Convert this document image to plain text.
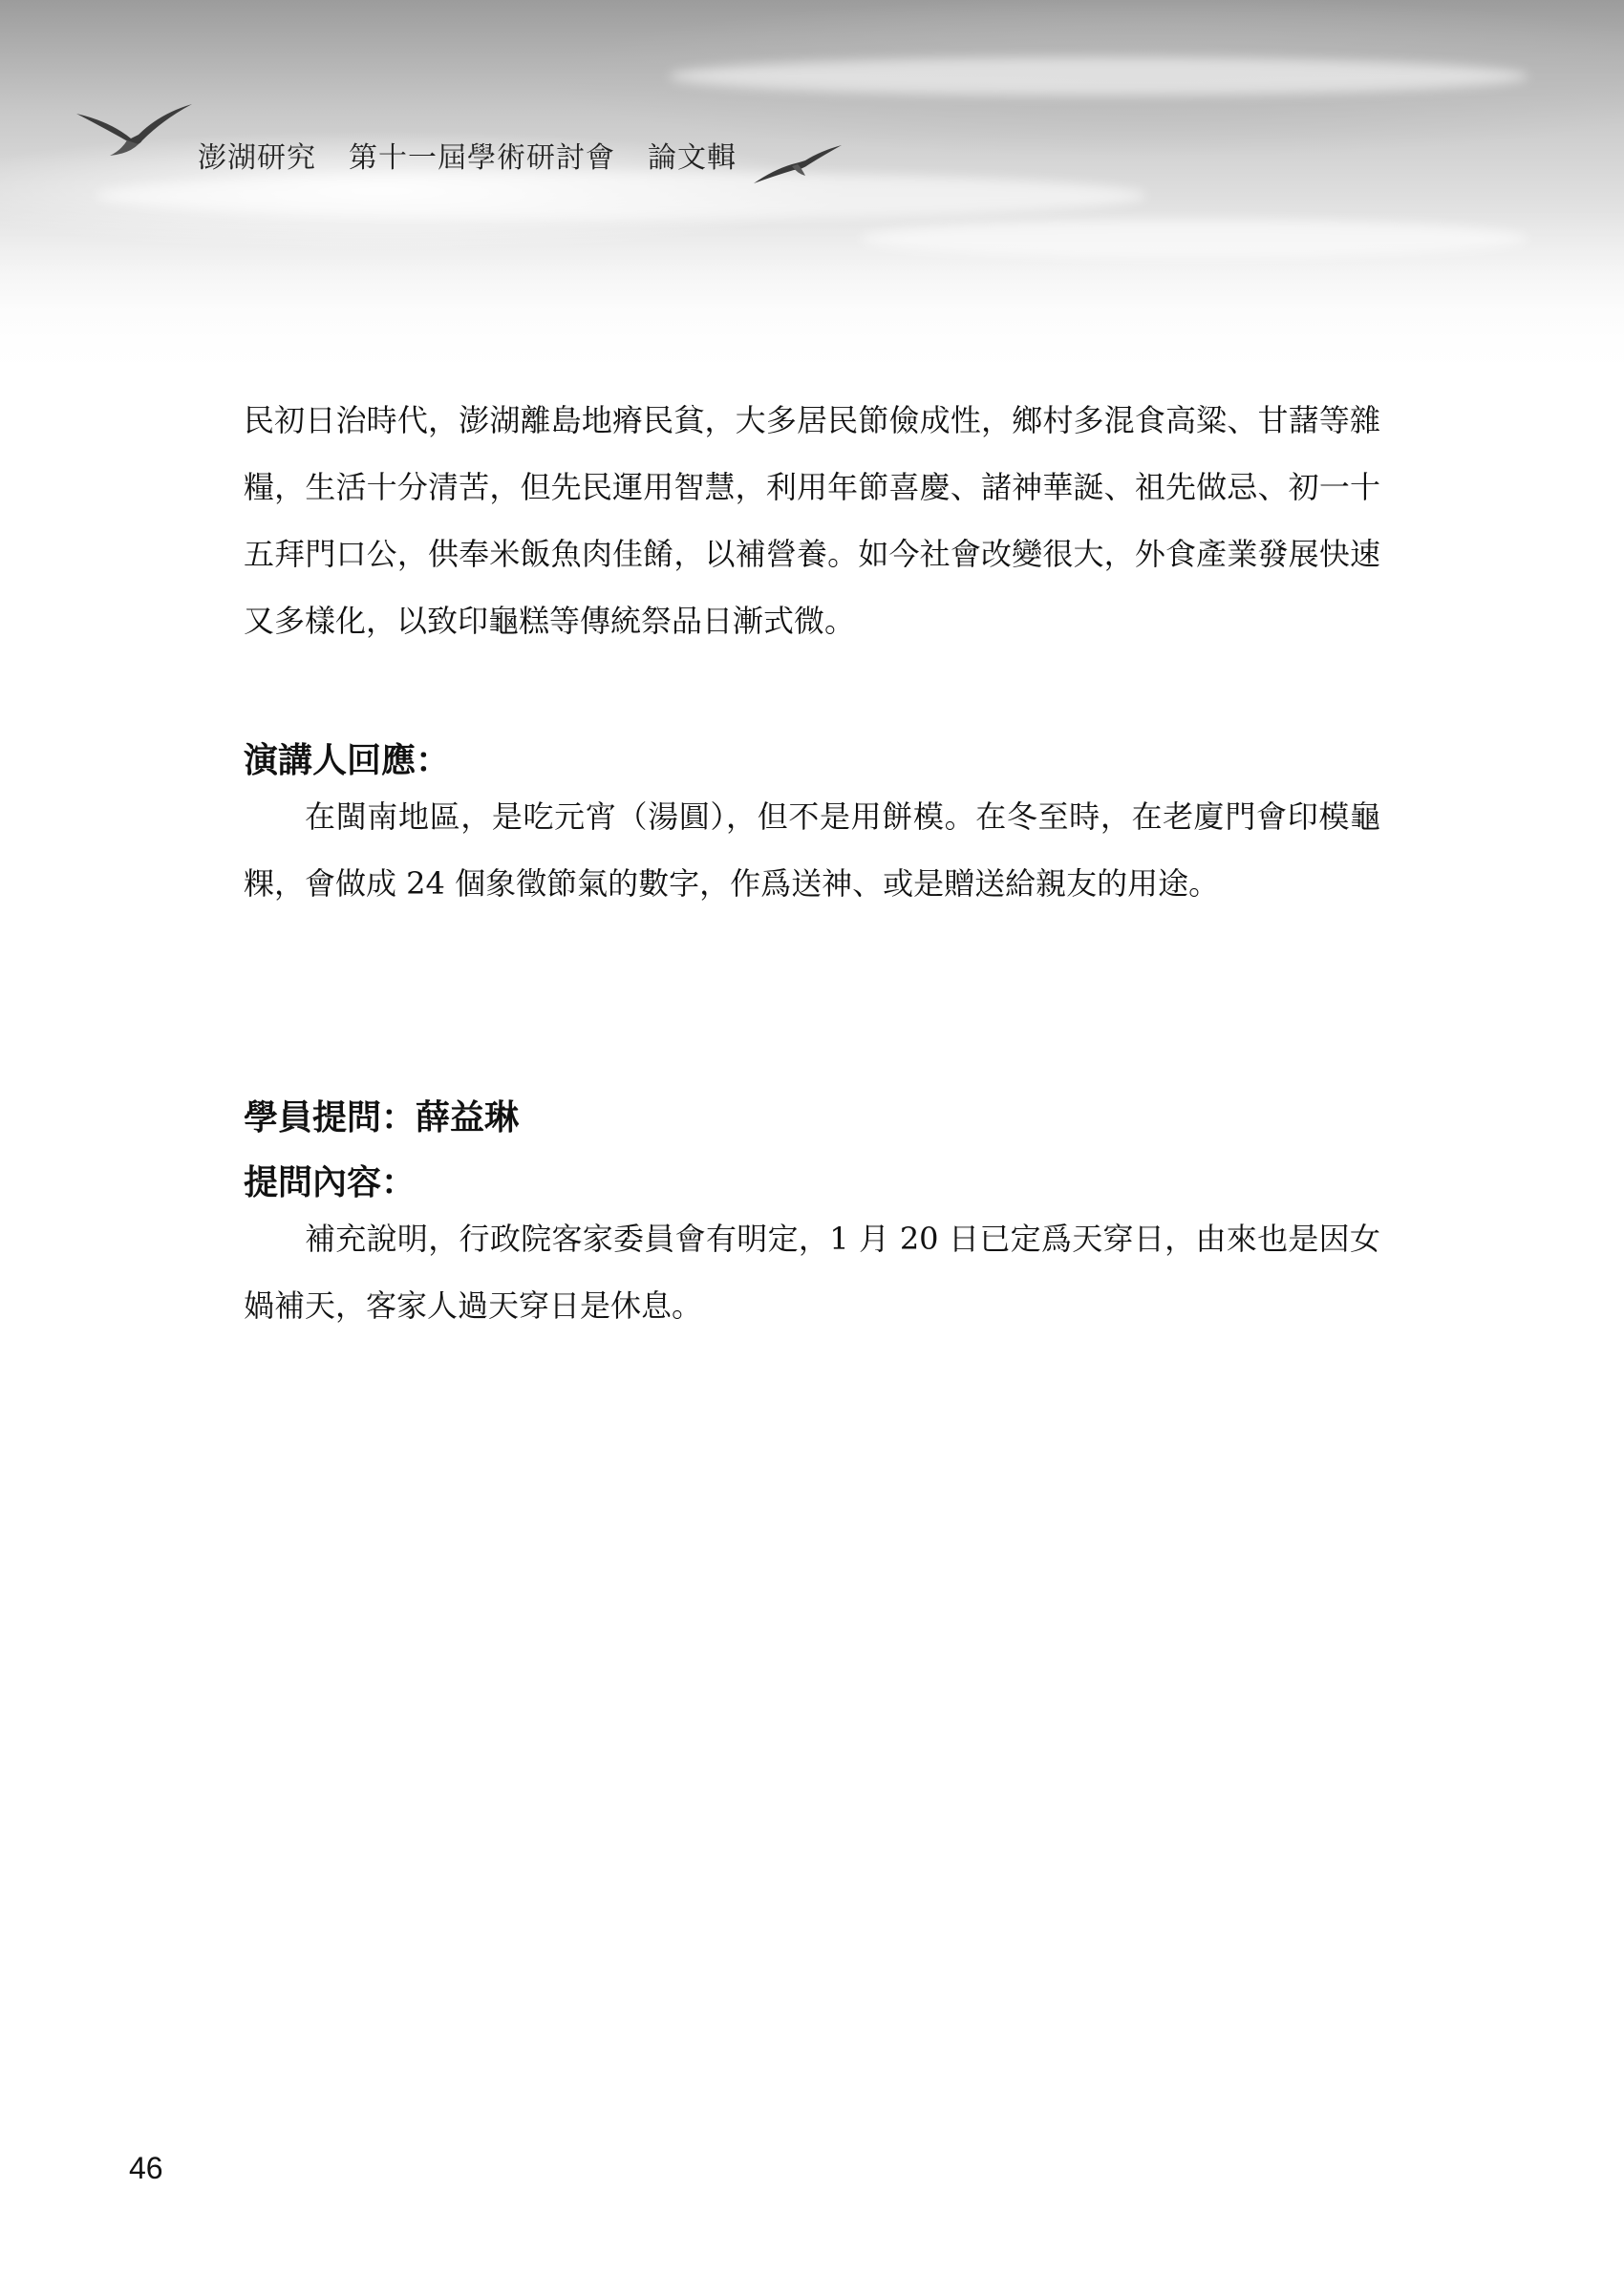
澎湖研究 第十一屆學術研討會 論文輯
民初日治時代，澎湖離島地瘠民貧，大多居民節儉成性，鄉村多混食高粱、甘藷等雜糧，生活十分清苦，但先民運用智慧，利用年節喜慶、諸神華誕、祖先做忌、初一十五拜門口公，供奉米飯魚肉佳餚，以補營養。如今社會改變很大，外食產業發展快速又多樣化，以致印龜糕等傳統祭品日漸式微。
演講人回應：
在閩南地區，是吃元宵（湯圓），但不是用餅模。在冬至時，在老廈門會印模龜粿，會做成 24 個象徵節氣的數字，作爲送神、或是贈送給親友的用途。
學員提問：薛益琳
提問內容：
補充說明，行政院客家委員會有明定，1 月 20 日已定爲天穿日，由來也是因女媧補天，客家人過天穿日是休息。
46
